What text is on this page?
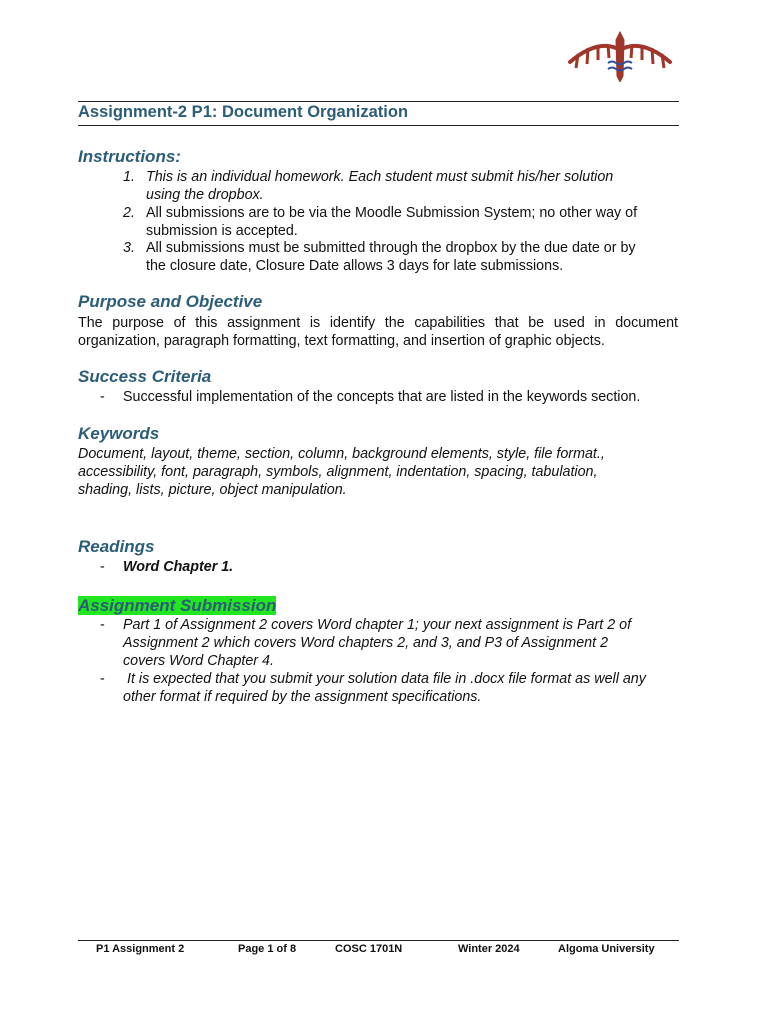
Assignment-2 P1: Document Organization
Instructions:
1. This is an individual homework. Each student must submit his/her solution
using the dropbox.
2. All submissions are to be via the Moodle Submission System; no other way of
submission is accepted.
3. All submissions must be submitted through the dropbox by the due date or by
the closure date, Closure Date allows 3 days for late submissions.
Purpose and Objective
The purpose of this assignment is identify the capabilities that be used in document
organization, paragraph formatting, text formatting, and insertion of graphic objects.
Success Criteria
- Successful implementation of the concepts that are listed in the keywords section.
Keywords
Document, layout, theme, section, column, background elements, style, file format.,
accessibility, font, paragraph, symbols, alignment, indentation, spacing, tabulation,
shading, lists, picture, object manipulation.
Readings
- Word Chapter 1.
Assignment Submission
- Part 1 of Assignment 2 covers Word chapter 1; your next assignment is Part 2 of
Assignment 2 which covers Word chapters 2, and 3, and P3 of Assignment 2
covers Word Chapter 4.
- It is expected that you submit your solution data file in .docx file format as well any
other format if required by the assignment specifications.
P1 Assignment 2	Page 1 of 8	COSC 1701N	Winter 2024	Algoma University
